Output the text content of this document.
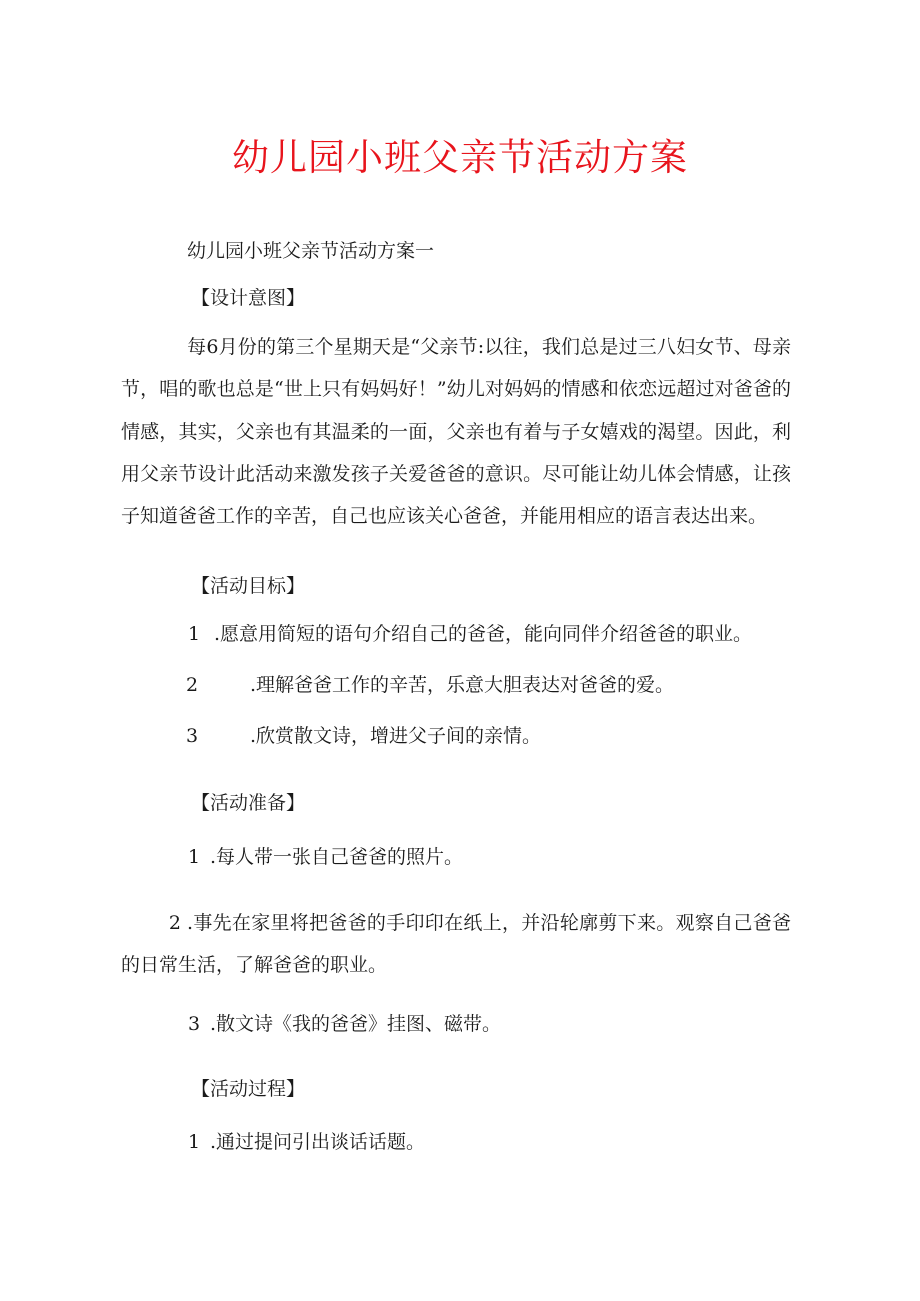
幼儿园小班父亲节活动方案

幼儿园小班父亲节活动方案一

【设计意图】

每6月份的第三个星期天是“父亲节:以往，我们总是过三八妇女节、母亲节，唱的歌也总是“世上只有妈妈好！”幼儿对妈妈的情感和依恋远超过对爸爸的情感，其实，父亲也有其温柔的一面，父亲也有着与子女嬉戏的渴望。因此，利用父亲节设计此活动来激发孩子关爱爸爸的意识。尽可能让幼儿体会情感，让孩子知道爸爸工作的辛苦，自己也应该关心爸爸，并能用相应的语言表达出来。

【活动目标】

1 .愿意用简短的语句介绍自己的爸爸，能向同伴介绍爸爸的职业。

2	.理解爸爸工作的辛苦，乐意大胆表达对爸爸的爱。

3	.欣赏散文诗，增进父子间的亲情。

【活动准备】

1 .每人带一张自己爸爸的照片。

2 .事先在家里将把爸爸的手印印在纸上，并沿轮廓剪下来。观察自己爸爸的日常生活，了解爸爸的职业。

3 .散文诗《我的爸爸》挂图、磁带。

【活动过程】

1 .通过提问引出谈话话题。
